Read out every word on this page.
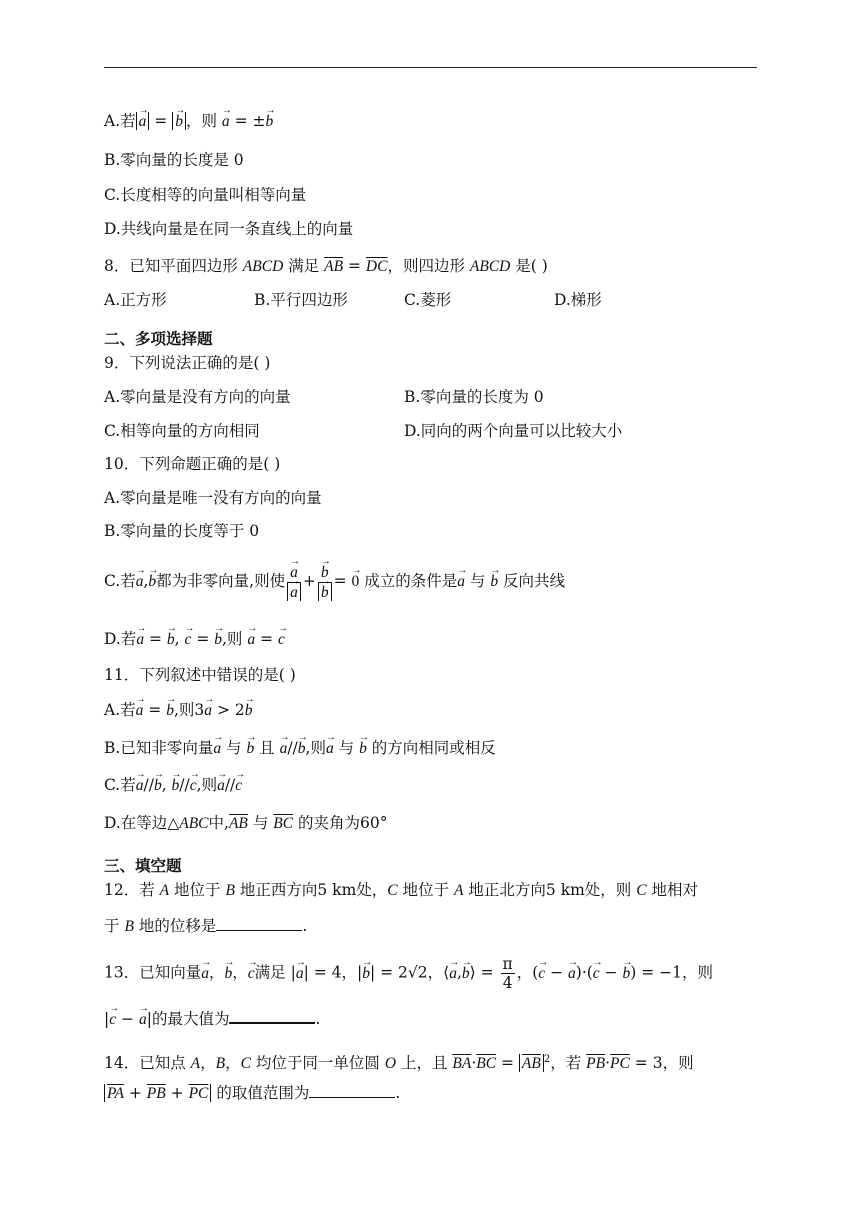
A.若 → a = → b ，则 → a = ±→ b
B.零向量的长度是 0
C.长度相等的向量叫相等向量
D.共线向量是在同一条直线上的向量
8．已知平面四边形 ABCD 满足 $\overline{AB} = \overline{DC}$，则四边形 ABCD 是( )
A.正方形	B.平行四边形	C.菱形	D.梯形
二、多项选择题
9．下列说法正确的是( )
A.零向量是没有方向的向量	B.零向量的长度为 0
C.相等向量的方向相同	D.同向的两个向量可以比较大小
10．下列命题正确的是( )
A.零向量是唯一没有方向的向量
B.零向量的长度等于 0
C.若→ a,→ b都为非零向量,则使 → a
→ a + → b
→ b = → 0 成立的条件是→ a 与 → b 反向共线
D.若→ a = → b, → c = → b,则 → a = → c
11．下列叙述中错误的是( )
A.若→ a = → b,则3→ a > 2→ b
B.已知非零向量→ a 与 → b 且 → a//→ b,则→ a 与 → b 的方向相同或相反
C.若→ a//→ b, → b//→ c,则→ a//→ c
D.在等边△ABC中$,\overline{AB}$ 与 $\overline{BC}$ 的夹角为60°
三、填空题
12．若 A 地位于 B 地正西方向5 km处，C 地位于 A 地正北方向5 km处，则 C 地相对
于 B 地的位移是	.
13．已知向量→ a，→ b，→ c满足 |→ a| = 4，|→ b| = 2√2，⟨→ a,→ b⟩ = $\frac{\pi}{4}$ ，(→ c − → a)·(→ c − → b) = −1，则
|→ c − → a|的最大值为	.
14．已知点 A，B，C 均位于同一单位圆 O 上，且 $\overline{BA}\cdot\overline{BC} = \overline{AB}$ $^2$，若 $\overline{PB}\cdot\overline{PC} = 3$，则
$\overline{PA} + \overline{PB} + \overline{PC}$ 的取值范围为	.
